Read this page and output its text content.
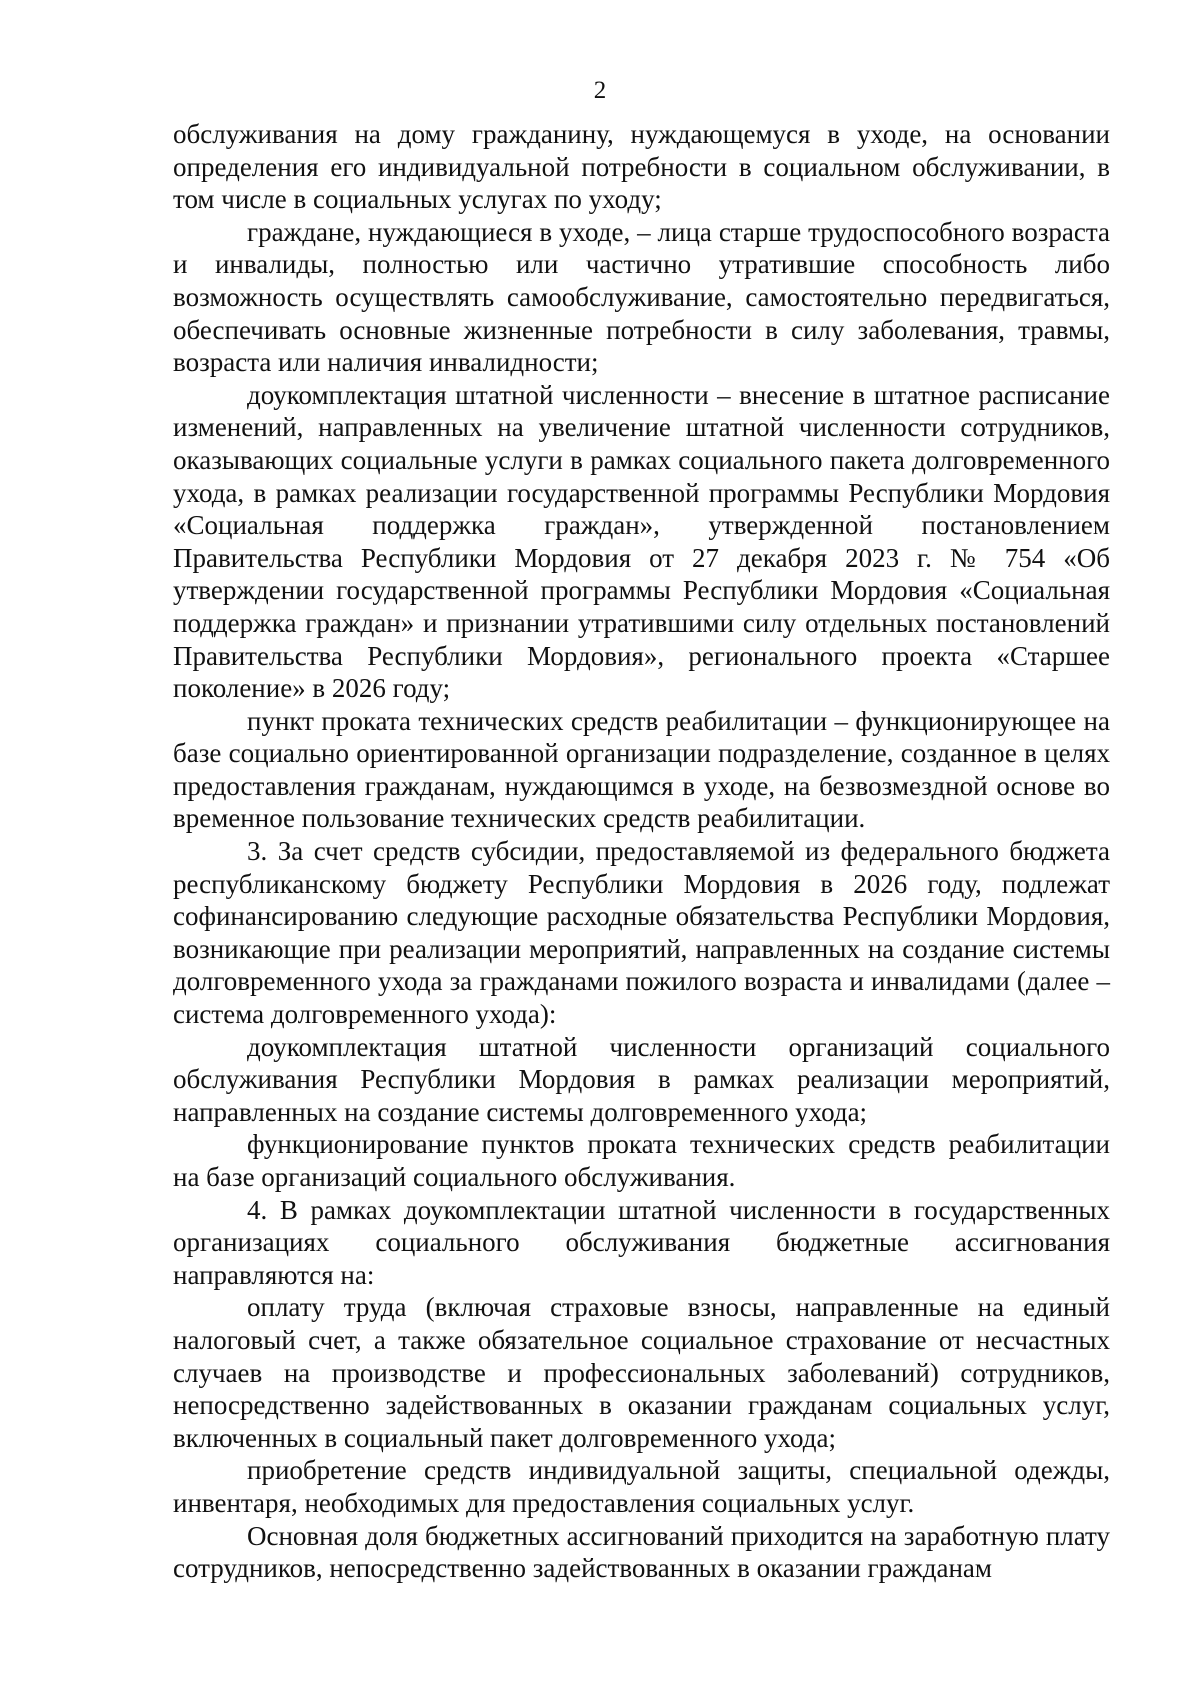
2

обслуживания на дому гражданину, нуждающемуся в уходе, на основании определения его индивидуальной потребности в социальном обслуживании, в том числе в социальных услугах по уходу;

граждане, нуждающиеся в уходе, – лица старше трудоспособного возраста и инвалиды, полностью или частично утратившие способность либо возможность осуществлять самообслуживание, самостоятельно передвигаться, обеспечивать основные жизненные потребности в силу заболевания, травмы, возраста или наличия инвалидности;

доукомплектация штатной численности – внесение в штатное расписание изменений, направленных на увеличение штатной численности сотрудников, оказывающих социальные услуги в рамках социального пакета долговременного ухода, в рамках реализации государственной программы Республики Мордовия «Социальная поддержка граждан», утвержденной постановлением Правительства Республики Мордовия от 27 декабря 2023 г. № 754 «Об утверждении государственной программы Республики Мордовия «Социальная поддержка граждан» и признании утратившими силу отдельных постановлений Правительства Республики Мордовия», регионального проекта «Старшее поколение» в 2026 году;

пункт проката технических средств реабилитации – функционирующее на базе социально ориентированной организации подразделение, созданное в целях предоставления гражданам, нуждающимся в уходе, на безвозмездной основе во временное пользование технических средств реабилитации.

3. За счет средств субсидии, предоставляемой из федерального бюджета республиканскому бюджету Республики Мордовия в 2026 году, подлежат софинансированию следующие расходные обязательства Республики Мордовия, возникающие при реализации мероприятий, направленных на создание системы долговременного ухода за гражданами пожилого возраста и инвалидами (далее – система долговременного ухода):

доукомплектация штатной численности организаций социального обслуживания Республики Мордовия в рамках реализации мероприятий, направленных на создание системы долговременного ухода;

функционирование пунктов проката технических средств реабилитации на базе организаций социального обслуживания.

4. В рамках доукомплектации штатной численности в государственных организациях социального обслуживания бюджетные ассигнования направляются на:

оплату труда (включая страховые взносы, направленные на единый налоговый счет, а также обязательное социальное страхование от несчастных случаев на производстве и профессиональных заболеваний) сотрудников, непосредственно задействованных в оказании гражданам социальных услуг, включенных в социальный пакет долговременного ухода;

приобретение средств индивидуальной защиты, специальной одежды, инвентаря, необходимых для предоставления социальных услуг.

Основная доля бюджетных ассигнований приходится на заработную плату сотрудников, непосредственно задействованных в оказании гражданам
